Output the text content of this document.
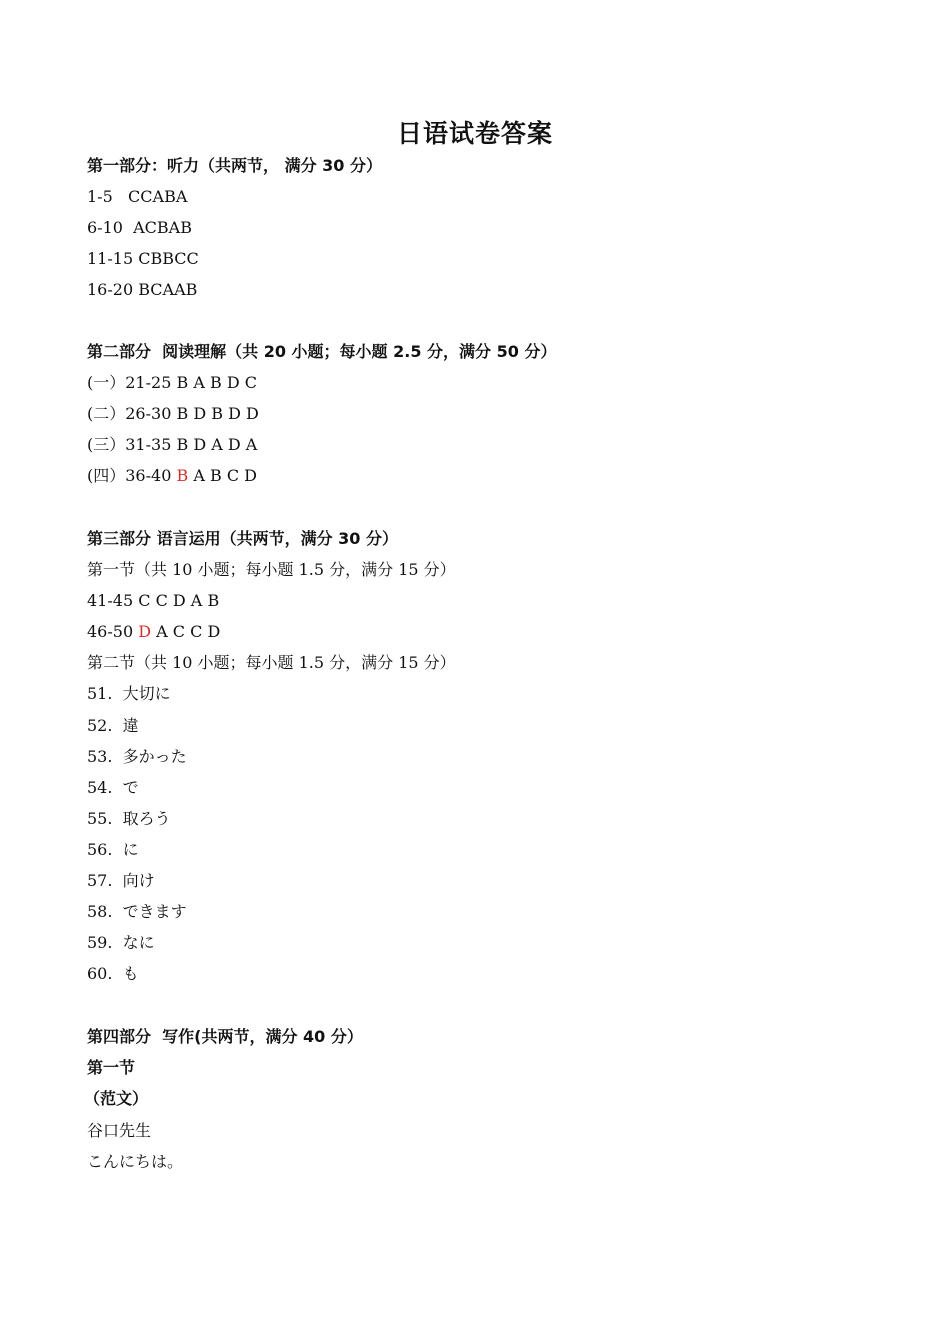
日语试卷答案
第一部分：听力（共两节， 满分 30 分）
1-5 CCABA
6-10 ACBAB
11-15 CBBCC
16-20 BCAAB
第二部分  阅读理解（共 20 小题；每小题 2.5 分，满分 50 分）
(一）21-25 B A B D C
(二）26-30 B D B D D
(三）31-35 B D A D A
(四）36-40 B A B C D
第三部分 语言运用（共两节，满分 30 分）
第一节（共 10 小题；每小题 1.5 分，满分 15 分）
41-45 C C D A B
46-50 D A C C D
第二节（共 10 小题；每小题 1.5 分，满分 15 分）
51. 大切に
52. 違
53. 多かった
54. で
55. 取ろう
56. に
57. 向け
58. できます
59. なに
60. も
第四部分  写作(共两节，满分 40 分）
第一节
（范文）
谷口先生
こんにちは。
